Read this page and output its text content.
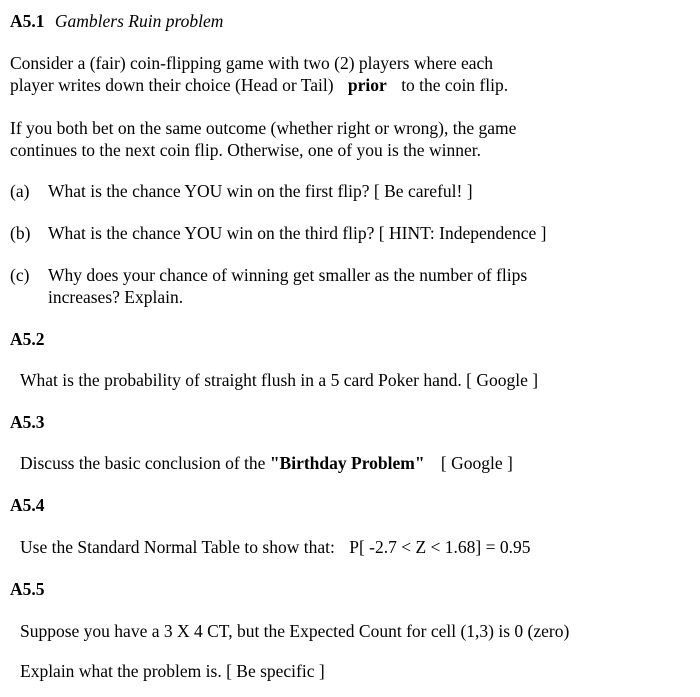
A5.1 Gamblers Ruin problem
Consider a (fair) coin-flipping game with two (2) players where each
player writes down their choice (Head or Tail) prior to the coin flip.
If you both bet on the same outcome (whether right or wrong), the game
continues to the next coin flip. Otherwise, one of you is the winner.
(a) What is the chance YOU win on the first flip? [ Be careful! ]
(b) What is the chance YOU win on the third flip? [ HINT: Independence ]
(c) Why does your chance of winning get smaller as the number of flips
increases? Explain.
A5.2
What is the probability of straight flush in a 5 card Poker hand. [ Google ]
A5.3
Discuss the basic conclusion of the "Birthday Problem" [ Google ]
A5.4
Use the Standard Normal Table to show that: P[ -2.7 < Z < 1.68] = 0.95
A5.5
Suppose you have a 3 X 4 CT, but the Expected Count for cell (1,3) is 0 (zero)
Explain what the problem is. [ Be specific ]
